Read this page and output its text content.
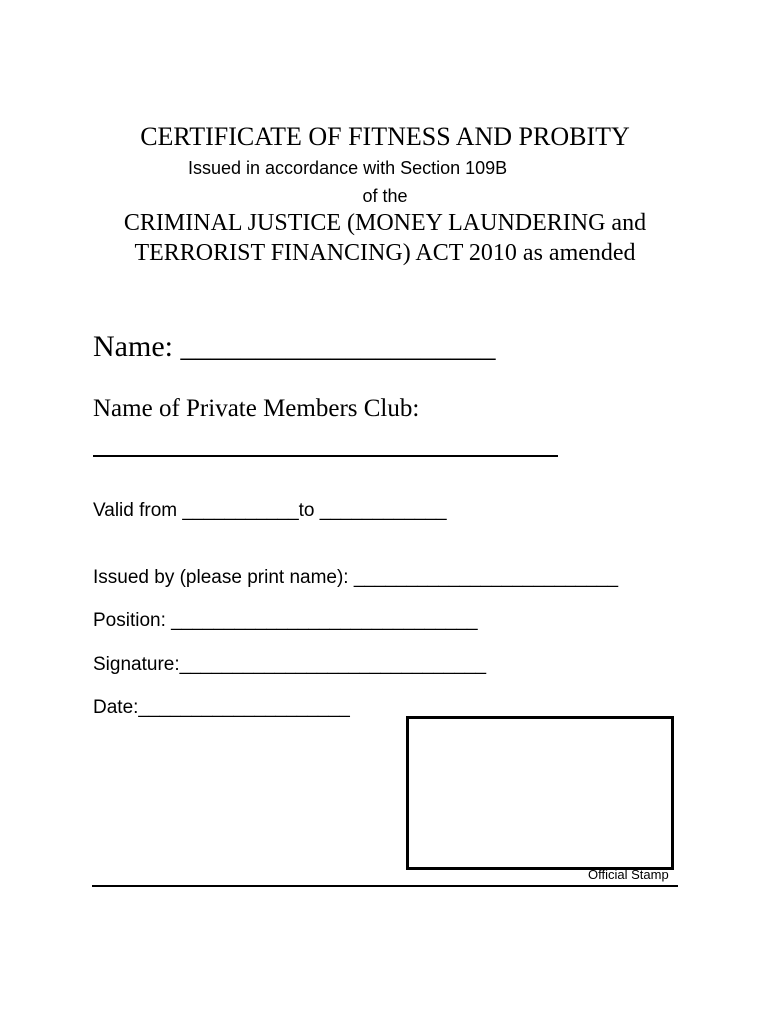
CERTIFICATE OF FITNESS AND PROBITY
Issued in accordance with Section 109B
of the
CRIMINAL JUSTICE (MONEY LAUNDERING and
TERRORIST FINANCING) ACT 2010 as amended
Name: _____________________
Name of Private Members Club:
Valid from ___________to ____________
Issued by (please print name): _________________________
Position: _____________________________
Signature:_____________________________
Date:____________________
Official Stamp
